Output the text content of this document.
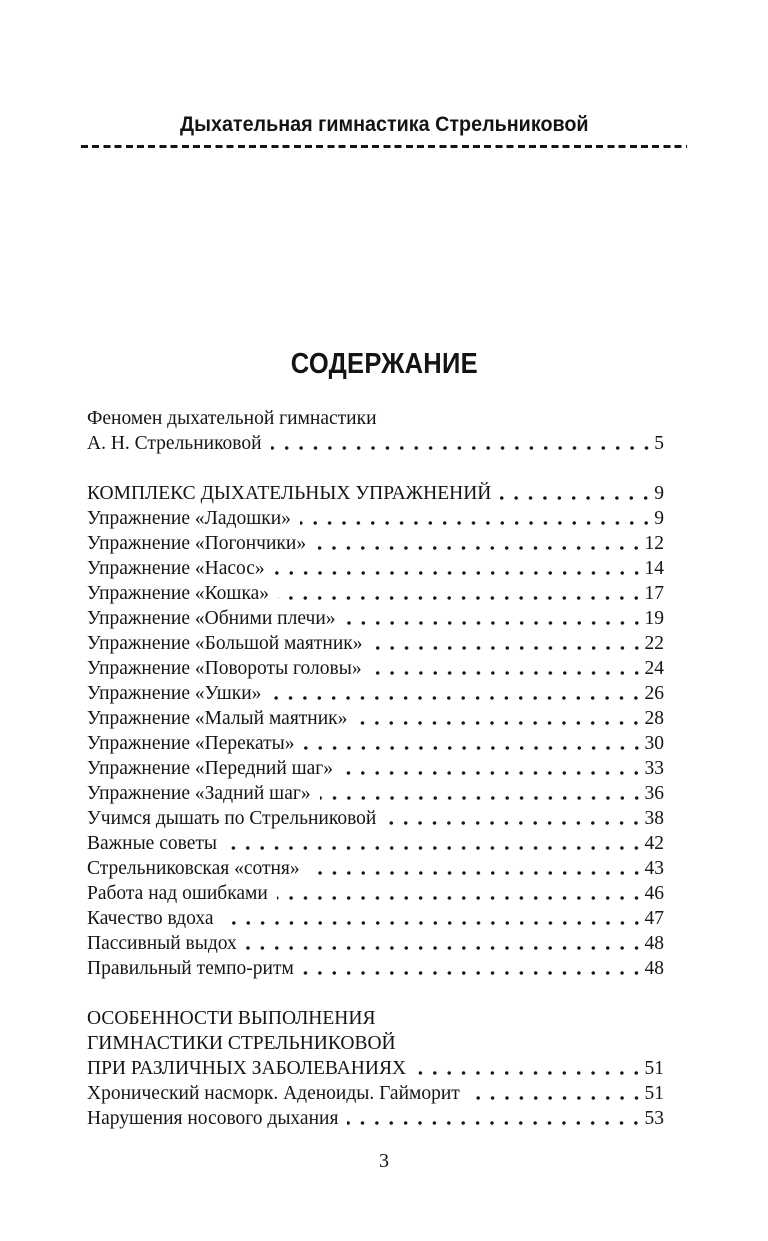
Дыхательная гимнастика Стрельниковой
СОДЕРЖАНИЕ
Феномен дыхательной гимнастики
А. Н. Стрельниковой	5
КОМПЛЕКС ДЫХАТЕЛЬНЫХ УПРАЖНЕНИЙ	9
Упражнение «Ладошки»	9
Упражнение «Погончики»	12
Упражнение «Насос»	14
Упражнение «Кошка»	17
Упражнение «Обними плечи»	19
Упражнение «Большой маятник»	22
Упражнение «Повороты головы»	24
Упражнение «Ушки»	26
Упражнение «Малый маятник»	28
Упражнение «Перекаты»	30
Упражнение «Передний шаг»	33
Упражнение «Задний шаг»	36
Учимся дышать по Стрельниковой	38
Важные советы	42
Стрельниковская «сотня»	43
Работа над ошибками	46
Качество вдоха	47
Пассивный выдох	48
Правильный темпо-ритм	48
ОСОБЕННОСТИ ВЫПОЛНЕНИЯ
ГИМНАСТИКИ СТРЕЛЬНИКОВОЙ
ПРИ РАЗЛИЧНЫХ ЗАБОЛЕВАНИЯХ	51
Хронический насморк. Аденоиды. Гайморит	51
Нарушения носового дыхания	53
3
